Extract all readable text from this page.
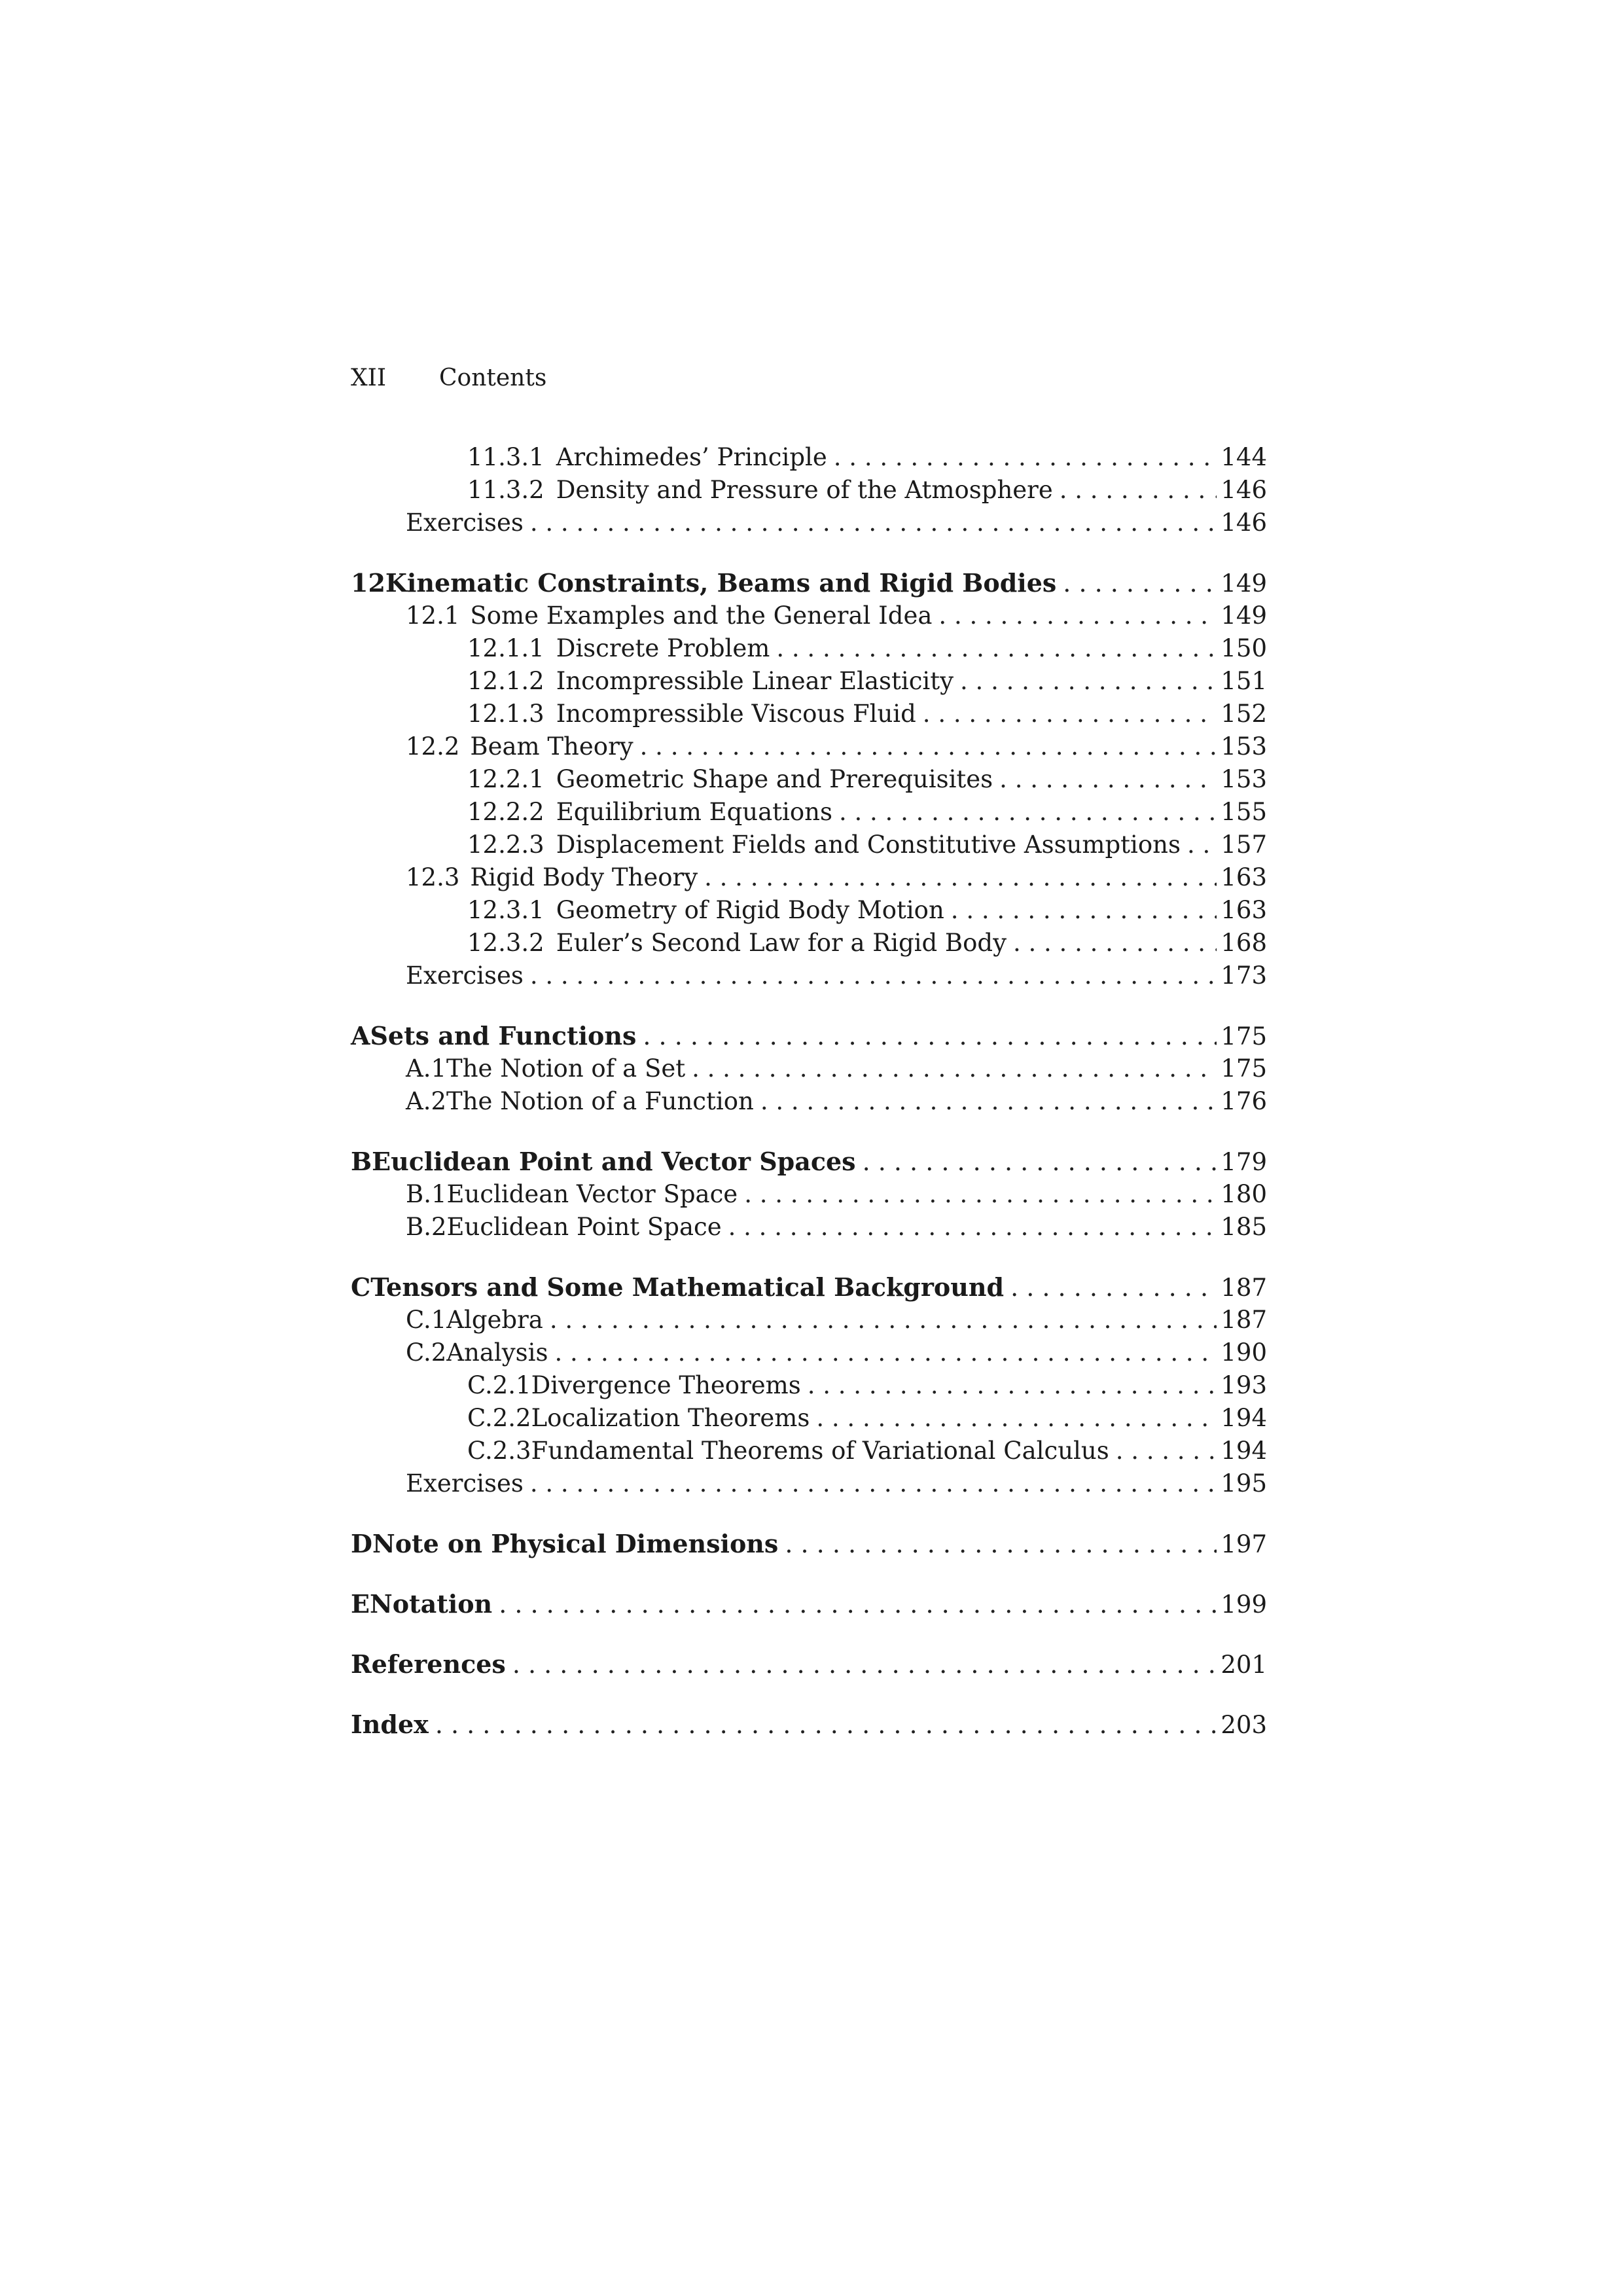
XII Contents
11.3.1 Archimedes’ Principle . . .	144
11.3.2 Density and Pressure of the Atmosphere . . .	146
Exercises . . .	146
12 Kinematic Constraints, Beams and Rigid Bodies . . .	149
12.1 Some Examples and the General Idea . . .	149
12.1.1 Discrete Problem . . .	150
12.1.2 Incompressible Linear Elasticity . . .	151
12.1.3 Incompressible Viscous Fluid . . .	152
12.2 Beam Theory . . .	153
12.2.1 Geometric Shape and Prerequisites . . .	153
12.2.2 Equilibrium Equations . . .	155
12.2.3 Displacement Fields and Constitutive Assumptions . . . 157
12.3 Rigid Body Theory . . .	163
12.3.1 Geometry of Rigid Body Motion . . .	163
12.3.2 Euler’s Second Law for a Rigid Body . . .	168
Exercises . . .	173
A Sets and Functions . . .	175
A.1 The Notion of a Set . . .	175
A.2 The Notion of a Function . . .	176
B Euclidean Point and Vector Spaces . . .	179
B.1 Euclidean Vector Space . . .	180
B.2 Euclidean Point Space . . .	185
C Tensors and Some Mathematical Background . . .	187
C.1 Algebra . . .	187
C.2 Analysis . . .	190
C.2.1 Divergence Theorems . . .	193
C.2.2 Localization Theorems . . .	194
C.2.3 Fundamental Theorems of Variational Calculus . . .	194
Exercises . . .	195
D Note on Physical Dimensions . . .	197
E Notation . . .	199
References . . .	201
Index . . .	203
